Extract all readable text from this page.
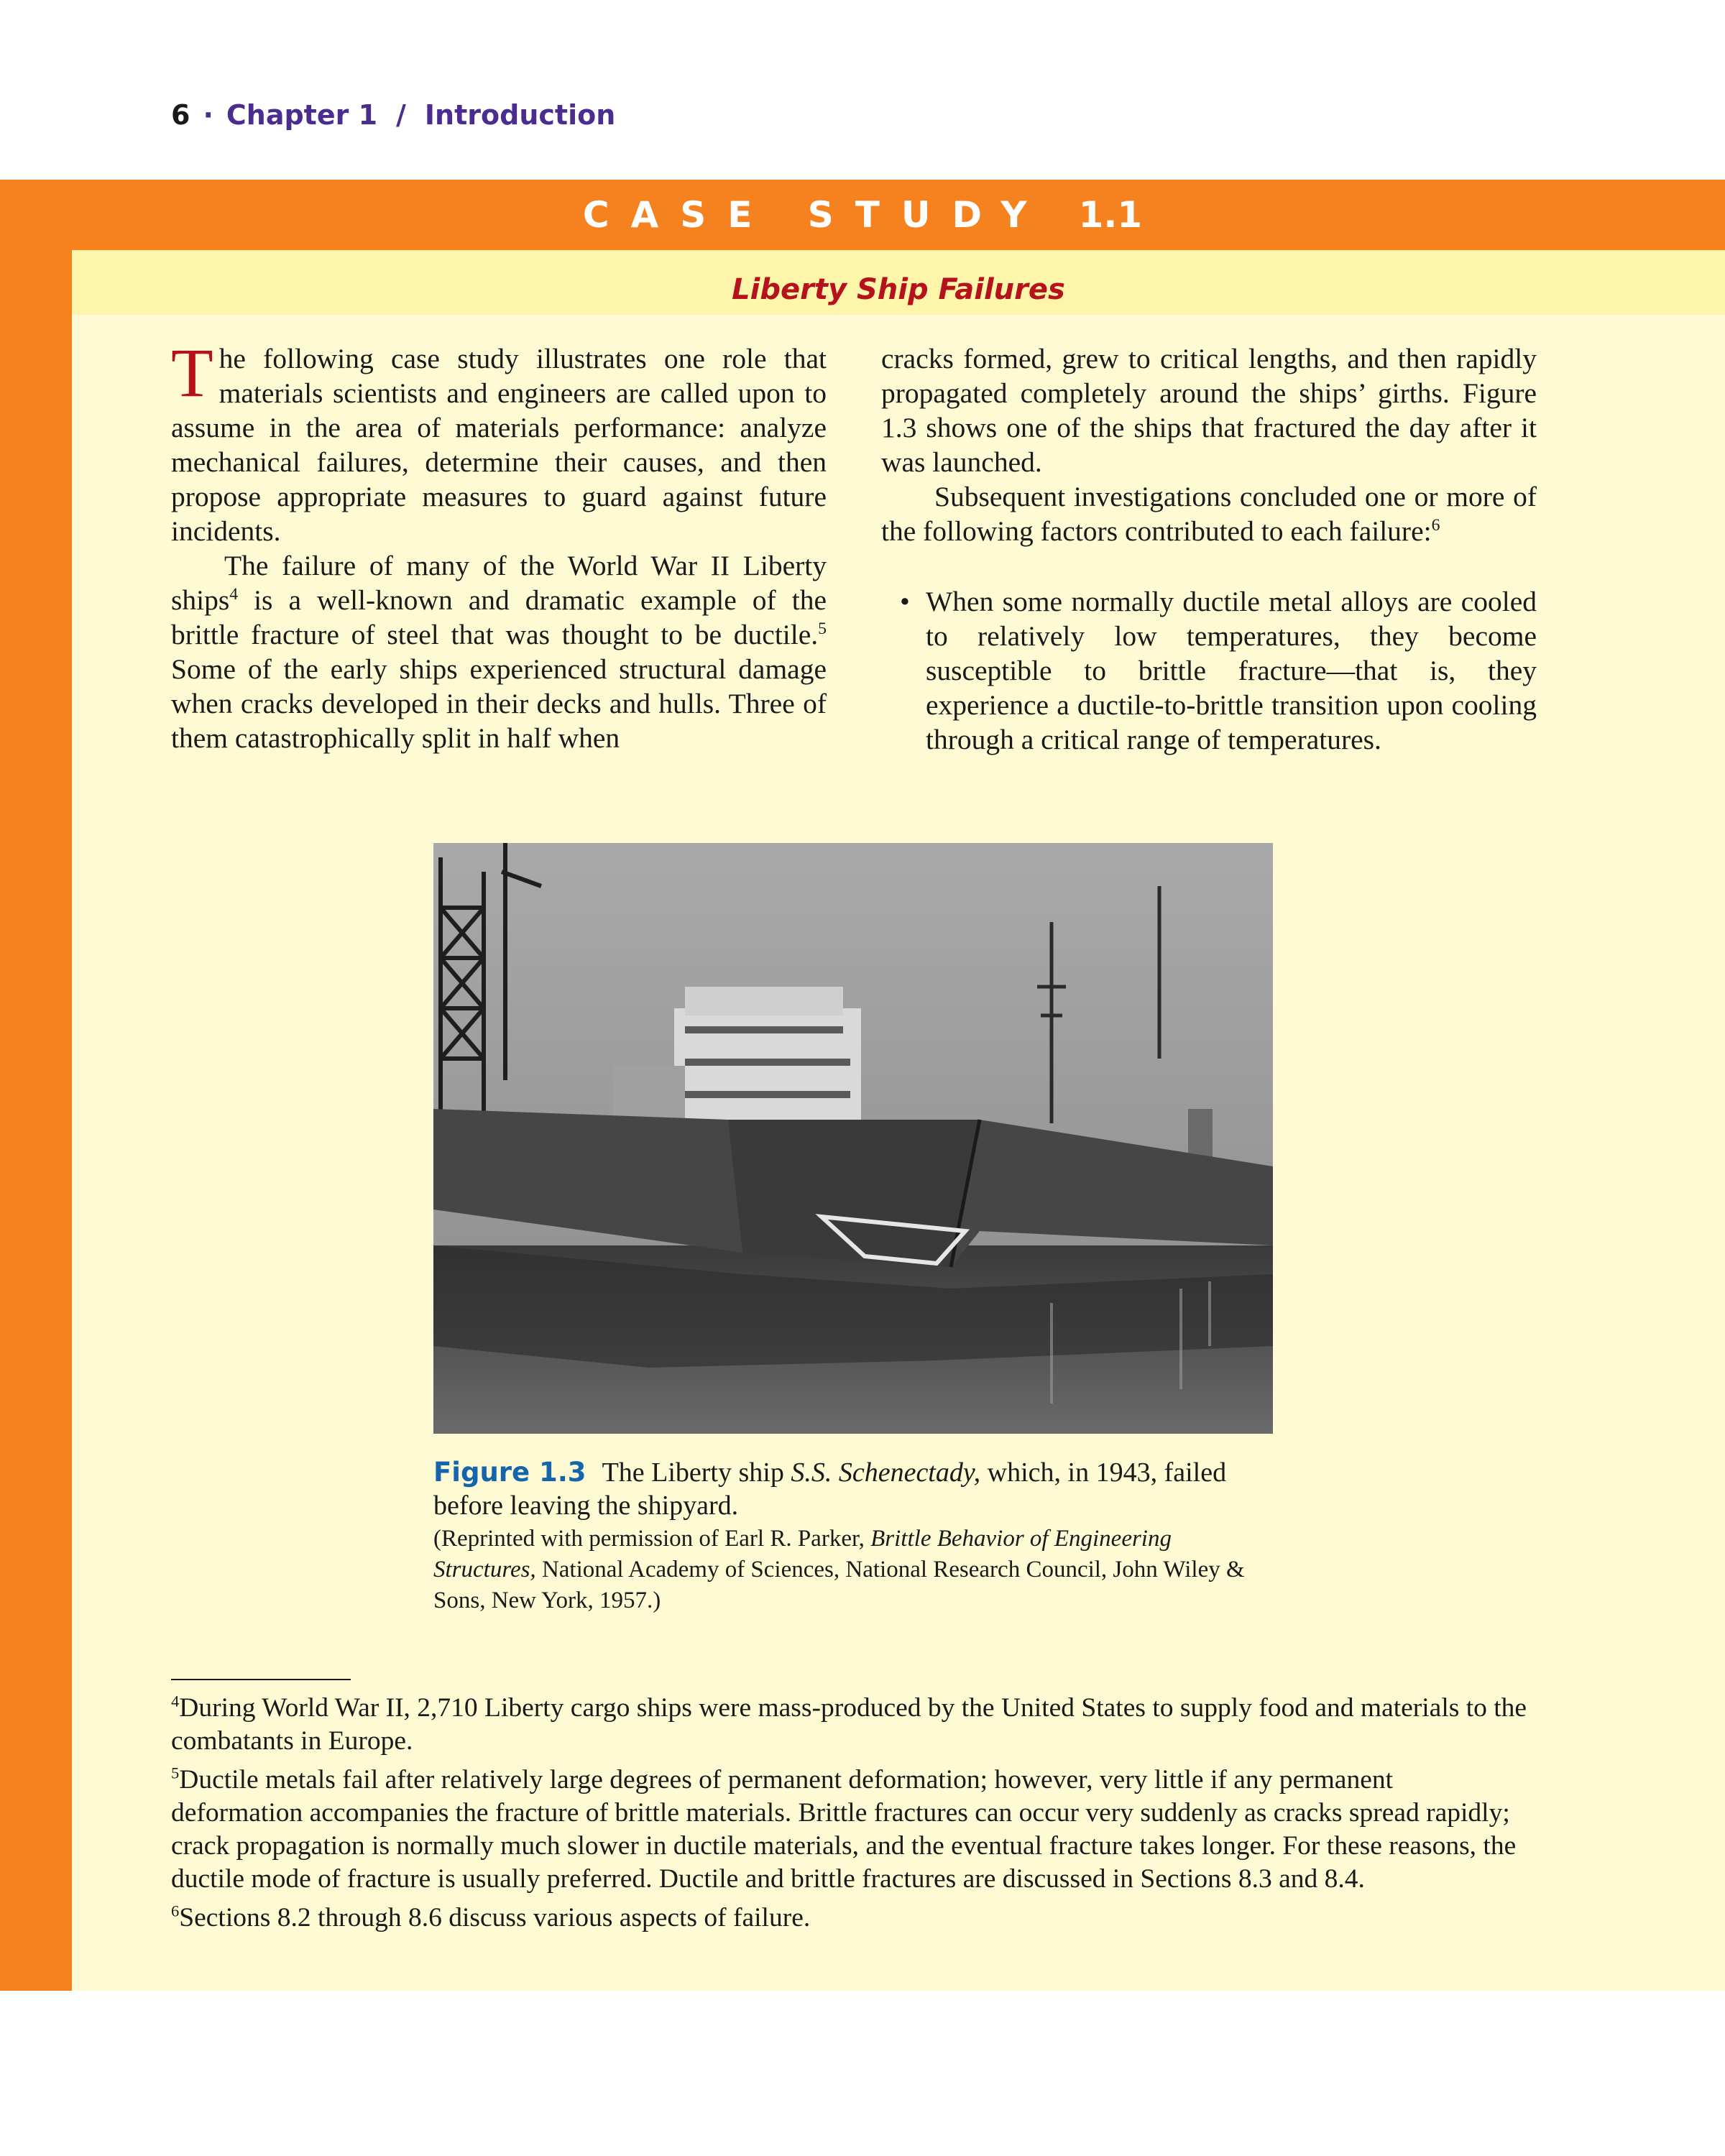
6 · Chapter 1 / Introduction
CASE STUDY 1.1
Liberty Ship Failures

The following case study illustrates one role that materials scientists and engineers are called upon to assume in the area of materials performance: analyze mechanical failures, determine their causes, and then propose appropriate measures to guard against future incidents.

The failure of many of the World War II Liberty ships$^4$ is a well-known and dramatic example of the brittle fracture of steel that was thought to be ductile.$^5$ Some of the early ships experienced structural damage when cracks developed in their decks and hulls. Three of them catastrophically split in half when

cracks formed, grew to critical lengths, and then rapidly propagated completely around the ships’ girths. Figure 1.3 shows one of the ships that fractured the day after it was launched.

Subsequent investigations concluded one or more of the following factors contributed to each failure:$^6$

• When some normally ductile metal alloys are cooled to relatively low temperatures, they become susceptible to brittle fracture—that is, they experience a ductile-to-brittle transition upon cooling through a critical range of temperatures.
Figure 1.3 The Liberty ship S.S. Schenectady, which, in 1943, failed before leaving the shipyard.
(Reprinted with permission of Earl R. Parker, Brittle Behavior of Engineering Structures, National Academy of Sciences, National Research Council, John Wiley & Sons, New York, 1957.)

$^4$During World War II, 2,710 Liberty cargo ships were mass-produced by the United States to supply food and materials to the combatants in Europe.

$^5$Ductile metals fail after relatively large degrees of permanent deformation; however, very little if any permanent deformation accompanies the fracture of brittle materials. Brittle fractures can occur very suddenly as cracks spread rapidly; crack propagation is normally much slower in ductile materials, and the eventual fracture takes longer. For these reasons, the ductile mode of fracture is usually preferred. Ductile and brittle fractures are discussed in Sections 8.3 and 8.4.

$^6$Sections 8.2 through 8.6 discuss various aspects of failure.
